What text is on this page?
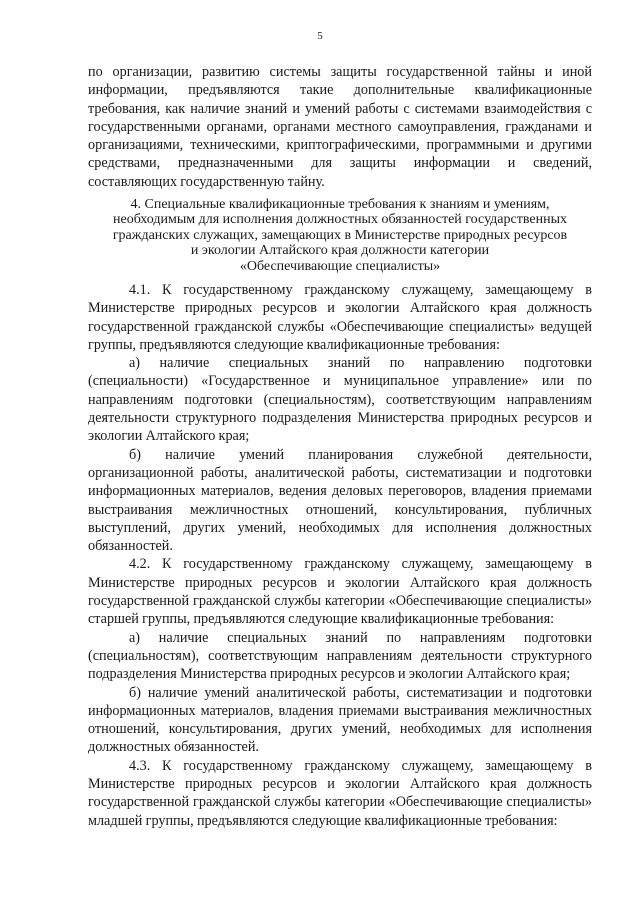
5

по организации, развитию системы защиты государственной тайны и иной информации, предъявляются такие дополнительные квалификационные требования, как наличие знаний и умений работы с системами взаимодействия с государственными органами, органами местного самоуправления, гражданами и организациями, техническими, криптографическими, программными и другими средствами, предназначенными для защиты информации и сведений, составляющих государственную тайну.

4. Специальные квалификационные требования к знаниям и умениям,
необходимым для исполнения должностных обязанностей государственных
гражданских служащих, замещающих в Министерстве природных ресурсов
и экологии Алтайского края должности категории
«Обеспечивающие специалисты»

4.1. К государственному гражданскому служащему, замещающему в Министерстве природных ресурсов и экологии Алтайского края должность государственной гражданской службы «Обеспечивающие специалисты» ведущей группы, предъявляются следующие квалификационные требования:

а) наличие специальных знаний по направлению подготовки (специальности) «Государственное и муниципальное управление» или по направлениям подготовки (специальностям), соответствующим направлениям деятельности структурного подразделения Министерства природных ресурсов и экологии Алтайского края;

б) наличие умений планирования служебной деятельности, организационной работы, аналитической работы, систематизации и подготовки информационных материалов, ведения деловых переговоров, владения приемами выстраивания межличностных отношений, консультирования, публичных выступлений, других умений, необходимых для исполнения должностных обязанностей.

4.2. К государственному гражданскому служащему, замещающему в Министерстве природных ресурсов и экологии Алтайского края должность государственной гражданской службы категории «Обеспечивающие специалисты» старшей группы, предъявляются следующие квалификационные требования:

а) наличие специальных знаний по направлениям подготовки (специальностям), соответствующим направлениям деятельности структурного подразделения Министерства природных ресурсов и экологии Алтайского края;

б) наличие умений аналитической работы, систематизации и подготовки информационных материалов, владения приемами выстраивания межличностных отношений, консультирования, других умений, необходимых для исполнения должностных обязанностей.

4.3. К государственному гражданскому служащему, замещающему в Министерстве природных ресурсов и экологии Алтайского края должность государственной гражданской службы категории «Обеспечивающие специалисты» младшей группы, предъявляются следующие квалификационные требования:
